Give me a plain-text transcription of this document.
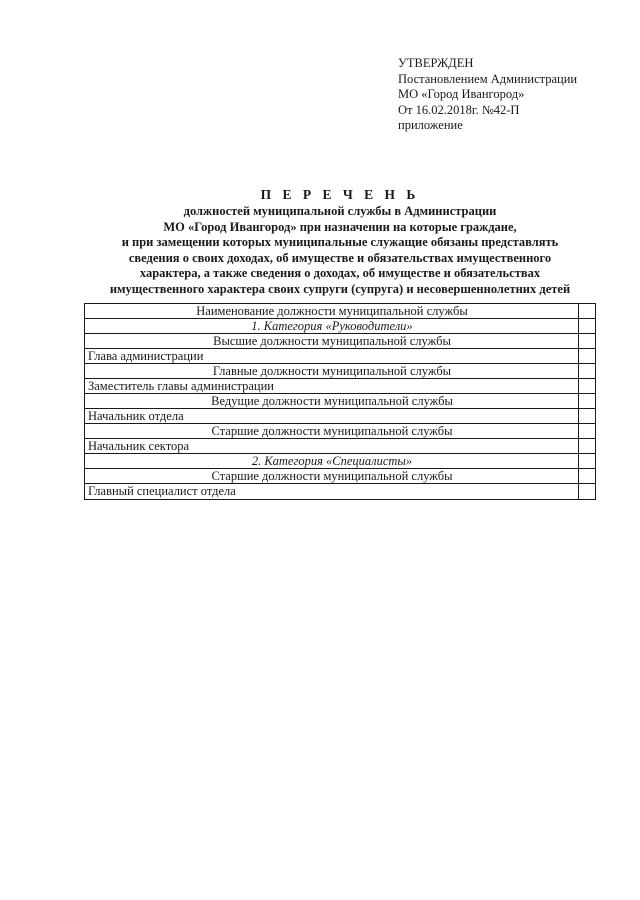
УТВЕРЖДЕН
Постановлением Администрации
МО «Город Ивангород»
От 16.02.2018г. №42-П
приложение
П Е Р Е Ч Е Н Ь
должностей муниципальной службы в Администрации
МО «Город Ивангород» при назначении на которые граждане,
и при замещении которых муниципальные служащие обязаны представлять
сведения о своих доходах, об имуществе и обязательствах имущественного
характера, а также сведения о доходах, об имуществе и обязательствах
имущественного характера своих супруги (супруга) и несовершеннолетних детей
Наименование должности муниципальной службы
1. Категория «Руководители»
Высшие должности муниципальной службы
Глава администрации
Главные должности муниципальной службы
Заместитель главы администрации
Ведущие должности муниципальной службы
Начальник отдела
Старшие должности муниципальной службы
Начальник сектора
2. Категория «Специалисты»
Старшие должности муниципальной службы
Главный специалист отдела
